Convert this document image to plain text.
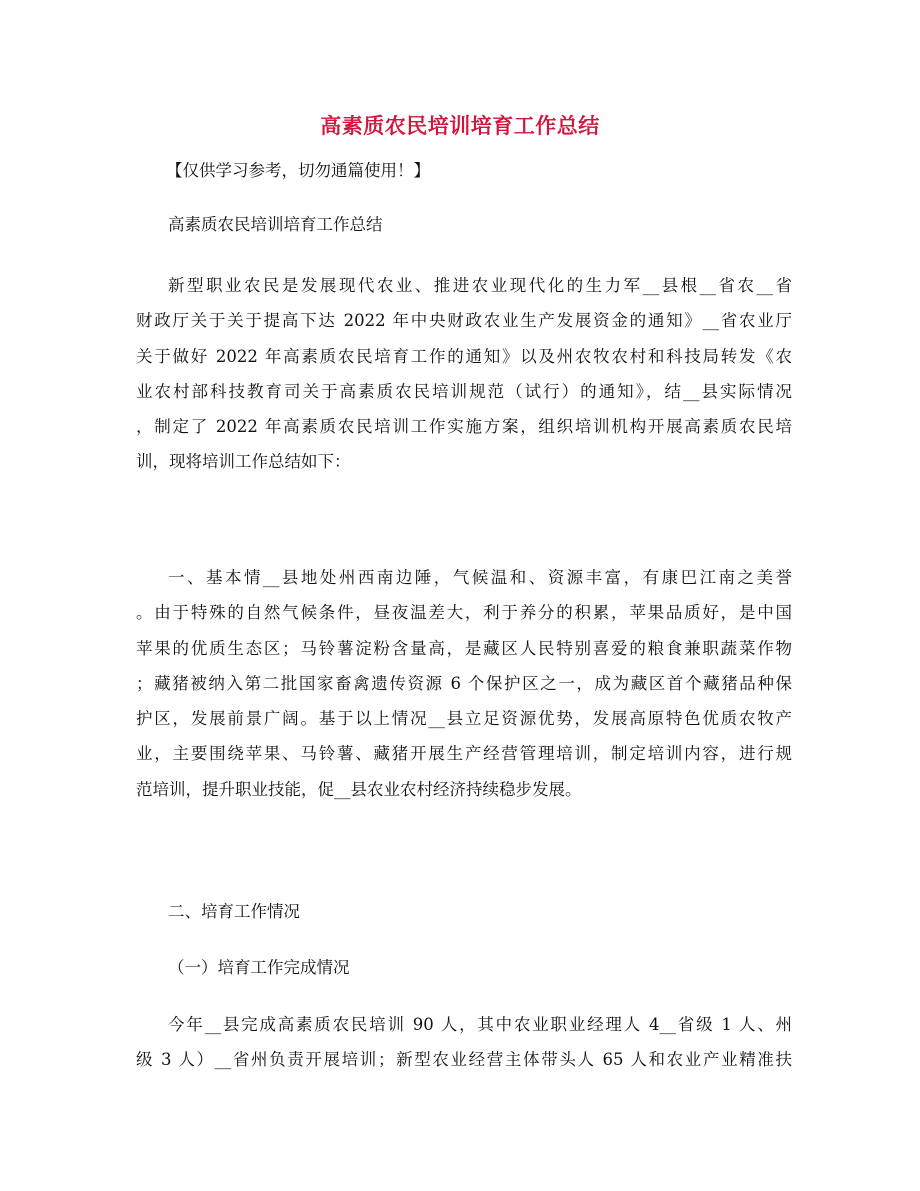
高素质农民培训培育工作总结
【仅供学习参考，切勿通篇使用！】
高素质农民培训培育工作总结
新型职业农民是发展现代农业、推进农业现代化的生力军__县根__省农__省
财政厅关于关于提高下达 2022 年中央财政农业生产发展资金的通知》__省农业厅
关于做好 2022 年高素质农民培育工作的通知》以及州农牧农村和科技局转发《农
业农村部科技教育司关于高素质农民培训规范（试行）的通知》，结__县实际情况
，制定了 2022 年高素质农民培训工作实施方案，组织培训机构开展高素质农民培
训，现将培训工作总结如下：
一、基本情__县地处州西南边陲，气候温和、资源丰富，有康巴江南之美誉
。由于特殊的自然气候条件，昼夜温差大，利于养分的积累，苹果品质好，是中国
苹果的优质生态区；马铃薯淀粉含量高，是藏区人民特别喜爱的粮食兼职蔬菜作物
；藏猪被纳入第二批国家畜禽遗传资源 6 个保护区之一，成为藏区首个藏猪品种保
护区，发展前景广阔。基于以上情况__县立足资源优势，发展高原特色优质农牧产
业，主要围绕苹果、马铃薯、藏猪开展生产经营管理培训，制定培训内容，进行规
范培训，提升职业技能，促__县农业农村经济持续稳步发展。
二、培育工作情况
（一）培育工作完成情况
今年__县完成高素质农民培训 90 人，其中农业职业经理人 4__省级 1 人、州
级 3 人）__省州负责开展培训；新型农业经营主体带头人 65 人和农业产业精准扶
